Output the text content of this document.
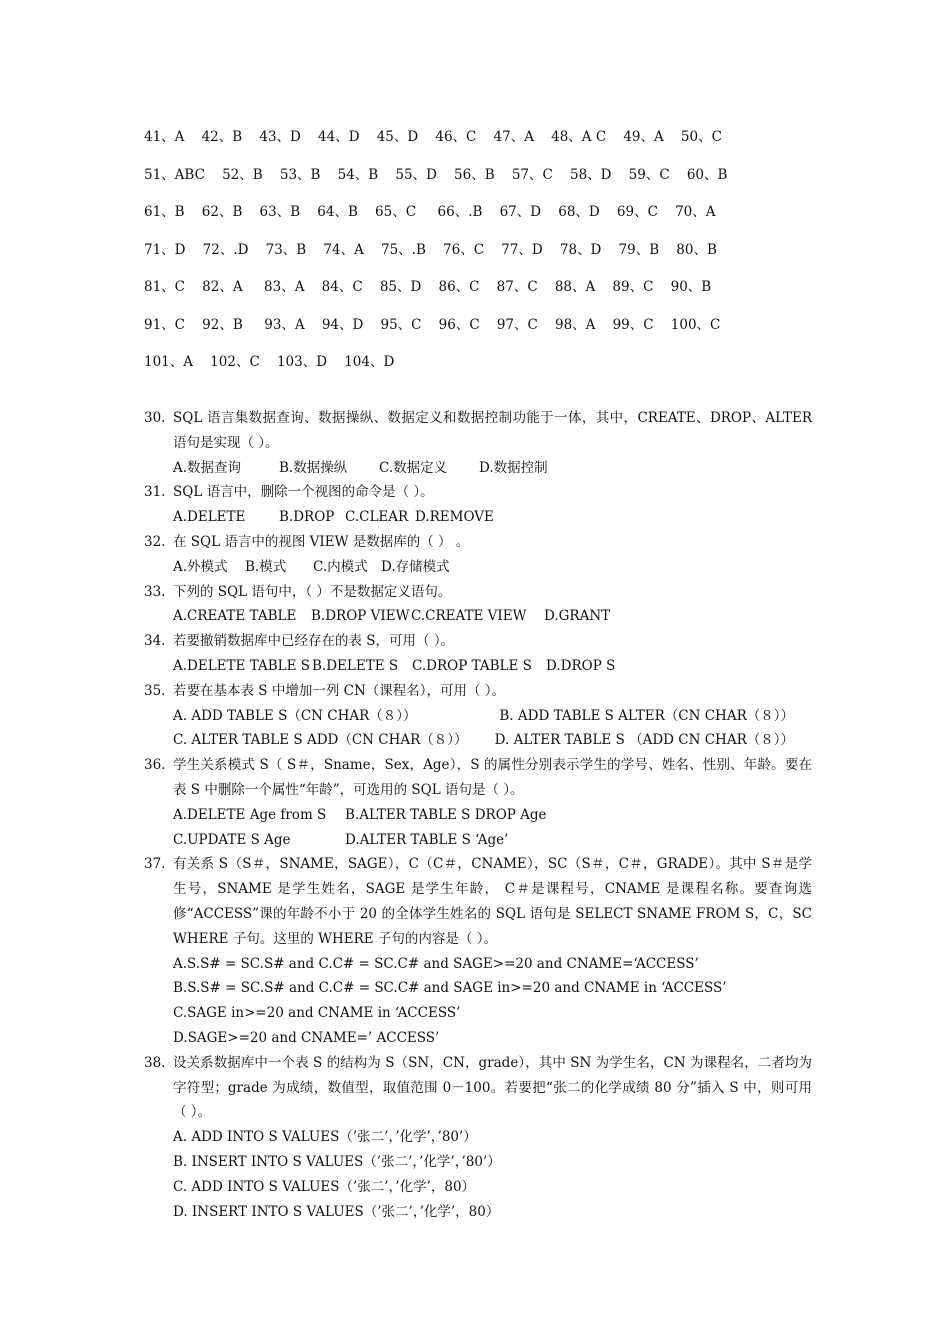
41、A    42、B    43、D    44、D    45、D    46、C    47、A    48、A C    49、A    50、C
51、ABC    52、B    53、B    54、B    55、D    56、B    57、C    58、D    59、C    60、B
61、B    62、B    63、B    64、B    65、C     66、.B    67、D    68、D    69、C    70、A
71、D    72、.D    73、B    74、A    75、.B    76、C    77、D    78、D    79、B    80、B
81、C    82、A     83、A    84、C    85、D    86、C    87、C    88、A    89、C    90、B
91、C    92、B     93、A    94、D    95、C    96、C    97、C    98、A    99、C    100、C
101、A    102、C    103、D    104、D
30. SQL 语言集数据查询、数据操纵、数据定义和数据控制功能于一体，其中，CREATE、DROP、ALTER 语句是实现（ ）。
A.数据查询	B.数据操纵	C.数据定义	D.数据控制
31. SQL 语言中，删除一个视图的命令是（ ）。
A.DELETE	B.DROP C.CLEAR D.REMOVE
32. 在 SQL 语言中的视图 VIEW 是数据库的（ ） 。
A.外模式 B.模式	C.内模式 D.存储模式
33. 下列的 SQL 语句中，（ ）不是数据定义语句。
A.CREATE TABLE B.DROP VIEW C.CREATE VIEW D.GRANT
34. 若要撤销数据库中已经存在的表 S，可用（ ）。
A.DELETE TABLE S B.DELETE S C.DROP TABLE S D.DROP S
35. 若要在基本表 S 中增加一列 CN（课程名），可用（ ）。
A. ADD TABLE S（CN CHAR（８））	B. ADD TABLE S ALTER（CN CHAR（８））
C. ALTER TABLE S ADD（CN CHAR（８））	D. ALTER TABLE S （ADD CN CHAR（８））
36. 学生关系模式 S（ S＃，Sname，Sex，Age），S 的属性分别表示学生的学号、姓名、性别、年龄。要在表 S 中删除一个属性“年龄”，可选用的 SQL 语句是（ ）。
A.DELETE Age from S B.ALTER TABLE S DROP Age
C.UPDATE S Age	D.ALTER TABLE S ‘Age’
37. 有关系 S（S＃，SNAME，SAGE），C（C＃，CNAME），SC（S＃，C＃，GRADE）。其中 S＃是学生号，SNAME 是学生姓名，SAGE 是学生年龄， C＃是课程号，CNAME 是课程名称。要查询选修“ACCESS”课的年龄不小于 20 的全体学生姓名的 SQL 语句是 SELECT SNAME FROM S，C，SC WHERE 子句。这里的 WHERE 子句的内容是（ ）。
A.S.S# = SC.S# and C.C# = SC.C# and SAGE>=20 and CNAME=‘ACCESS’
B.S.S# = SC.S# and C.C# = SC.C# and SAGE in>=20 and CNAME in ‘ACCESS’
C.SAGE in>=20 and CNAME in ‘ACCESS’
D.SAGE>=20 and CNAME=’ ACCESS’
38. 设关系数据库中一个表 S 的结构为 S（SN，CN，grade），其中 SN 为学生名，CN 为课程名，二者均为字符型；grade 为成绩，数值型，取值范围 0－100。若要把“张二的化学成绩 80 分”插入 S 中，则可用（ ）。
A. ADD INTO S VALUES（’张二’，’化学’，’80’）
B. INSERT INTO S VALUES（’张二’，’化学’，’80’）
C. ADD INTO S VALUES（’张二’，’化学’，80）
D. INSERT INTO S VALUES（’张二’，’化学’，80）
